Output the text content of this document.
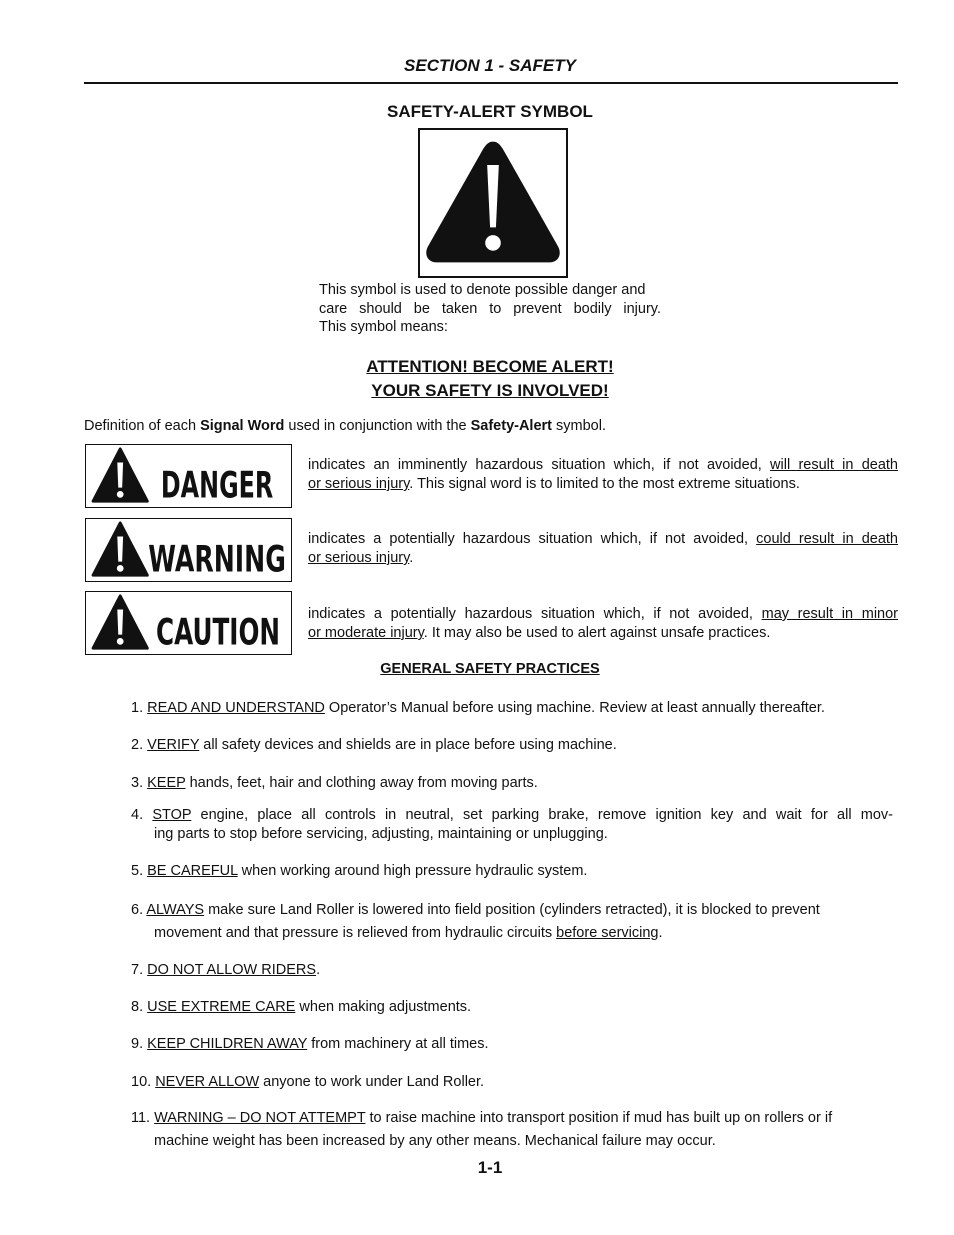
SECTION 1 - SAFETY
SAFETY-ALERT SYMBOL
This symbol is used to denote possible danger and
care should be taken to prevent bodily injury.
This symbol means:
ATTENTION! BECOME ALERT!
YOUR SAFETY IS INVOLVED!
Definition of each Signal Word used in conjunction with the Safety-Alert symbol.
DANGER indicates an imminently hazardous situation which, if not avoided, will result in death
or serious injury. This signal word is to limited to the most extreme situations.
WARNING indicates a potentially hazardous situation which, if not avoided, could result in death
or serious injury.
CAUTION indicates a potentially hazardous situation which, if not avoided, may result in minor
or moderate injury. It may also be used to alert against unsafe practices.
GENERAL SAFETY PRACTICES
1. READ AND UNDERSTAND Operator’s Manual before using machine. Review at least annually thereafter.
2. VERIFY all safety devices and shields are in place before using machine.
3. KEEP hands, feet, hair and clothing away from moving parts.
4. STOP engine, place all controls in neutral, set parking brake, remove ignition key and wait for all mov-
ing parts to stop before servicing, adjusting, maintaining or unplugging.
5. BE CAREFUL when working around high pressure hydraulic system.
6. ALWAYS make sure Land Roller is lowered into field position (cylinders retracted), it is blocked to prevent
movement and that pressure is relieved from hydraulic circuits before servicing.
7. DO NOT ALLOW RIDERS.
8. USE EXTREME CARE when making adjustments.
9. KEEP CHILDREN AWAY from machinery at all times.
10. NEVER ALLOW anyone to work under Land Roller.
11. WARNING – DO NOT ATTEMPT to raise machine into transport position if mud has built up on rollers or if
machine weight has been increased by any other means. Mechanical failure may occur.
1-1
